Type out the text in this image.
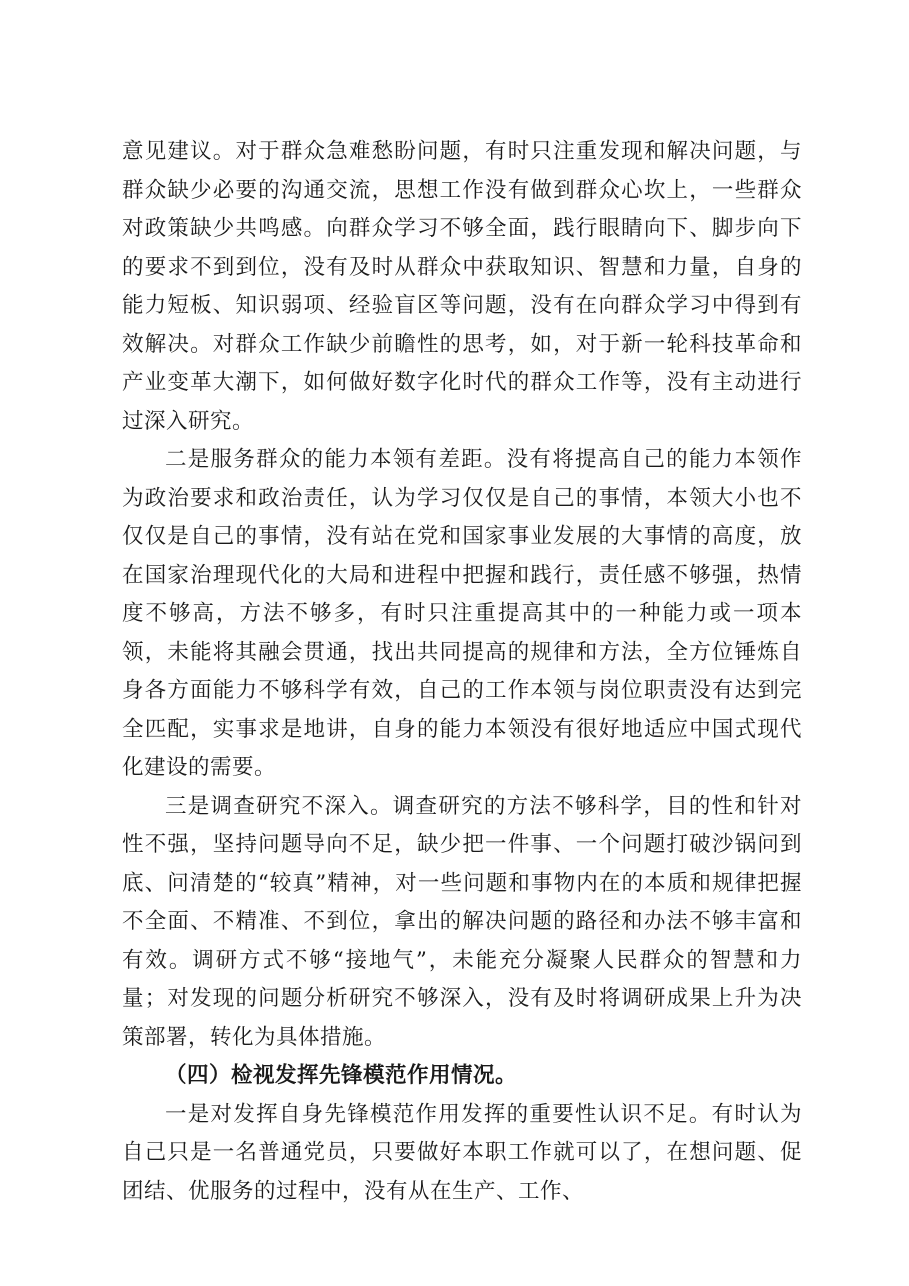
意见建议。对于群众急难愁盼问题，有时只注重发现和解决问题，与群众缺少必要的沟通交流，思想工作没有做到群众心坎上，一些群众对政策缺少共鸣感。向群众学习不够全面，践行眼睛向下、脚步向下的要求不到到位，没有及时从群众中获取知识、智慧和力量，自身的能力短板、知识弱项、经验盲区等问题，没有在向群众学习中得到有效解决。对群众工作缺少前瞻性的思考，如，对于新一轮科技革命和产业变革大潮下，如何做好数字化时代的群众工作等，没有主动进行过深入研究。

二是服务群众的能力本领有差距。没有将提高自己的能力本领作为政治要求和政治责任，认为学习仅仅是自己的事情，本领大小也不仅仅是自己的事情，没有站在党和国家事业发展的大事情的高度，放在国家治理现代化的大局和进程中把握和践行，责任感不够强，热情度不够高，方法不够多，有时只注重提高其中的一种能力或一项本领，未能将其融会贯通，找出共同提高的规律和方法，全方位锤炼自身各方面能力不够科学有效，自己的工作本领与岗位职责没有达到完全匹配，实事求是地讲，自身的能力本领没有很好地适应中国式现代化建设的需要。

三是调查研究不深入。调查研究的方法不够科学，目的性和针对性不强，坚持问题导向不足，缺少把一件事、一个问题打破沙锅问到底、问清楚的“较真”精神，对一些问题和事物内在的本质和规律把握不全面、不精准、不到位，拿出的解决问题的路径和办法不够丰富和有效。调研方式不够“接地气”，未能充分凝聚人民群众的智慧和力量；对发现的问题分析研究不够深入，没有及时将调研成果上升为决策部署，转化为具体措施。

（四）检视发挥先锋模范作用情况。

一是对发挥自身先锋模范作用发挥的重要性认识不足。有时认为自己只是一名普通党员，只要做好本职工作就可以了，在想问题、促团结、优服务的过程中，没有从在生产、工作、
